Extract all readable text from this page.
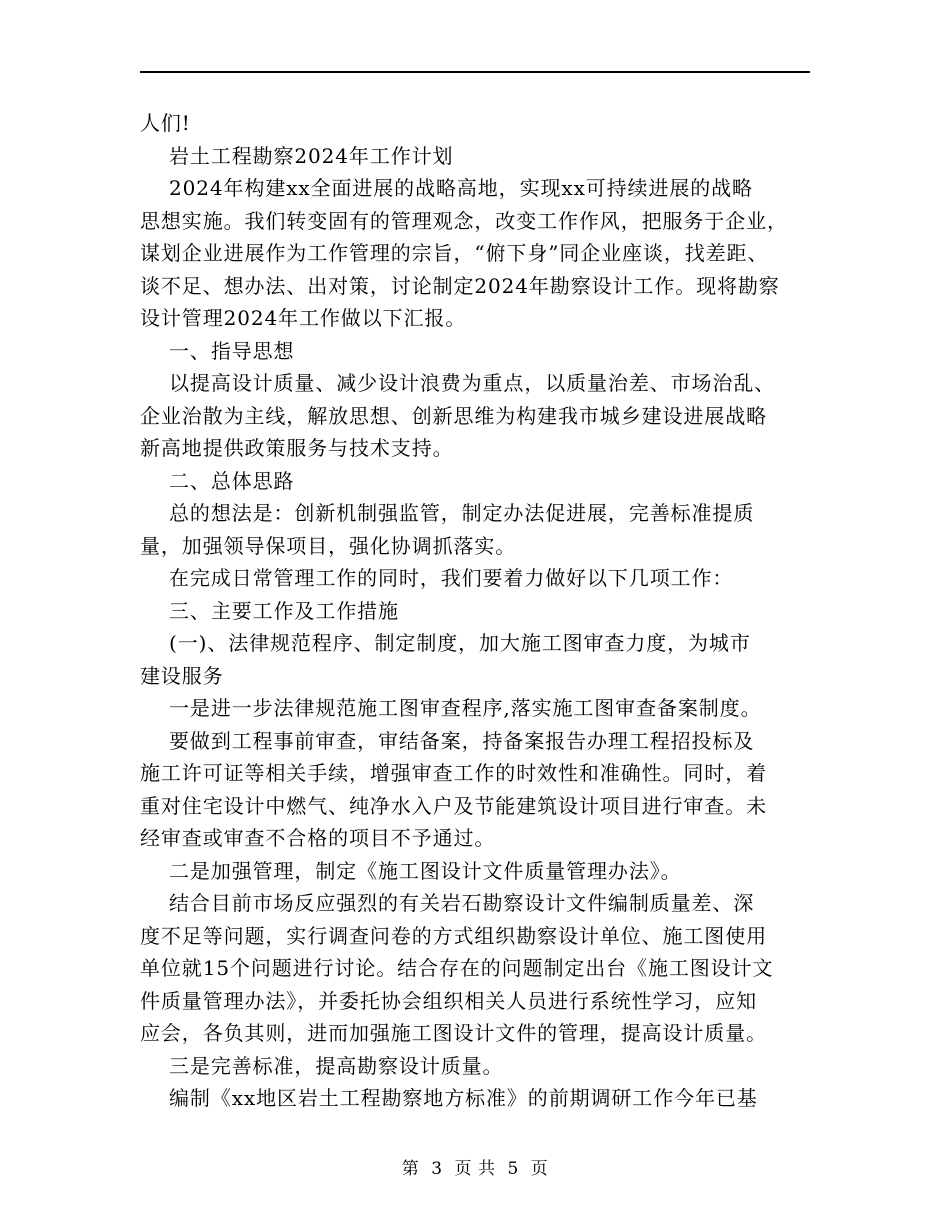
人们!

岩土工程勘察2024年工作计划

2024年构建xx全面进展的战略高地，实现xx可持续进展的战略

思想实施。我们转变固有的管理观念，改变工作作风，把服务于企业，

谋划企业进展作为工作管理的宗旨，“俯下身”同企业座谈，找差距、

谈不足、想办法、出对策，讨论制定2024年勘察设计工作。现将勘察

设计管理2024年工作做以下汇报。

一、指导思想

以提高设计质量、减少设计浪费为重点，以质量治差、市场治乱、

企业治散为主线，解放思想、创新思维为构建我市城乡建设进展战略

新高地提供政策服务与技术支持。

二、总体思路

总的想法是：创新机制强监管，制定办法促进展，完善标准提质

量，加强领导保项目，强化协调抓落实。

在完成日常管理工作的同时，我们要着力做好以下几项工作：

三、主要工作及工作措施

(一)、法律规范程序、制定制度，加大施工图审查力度，为城市

建设服务

一是进一步法律规范施工图审查程序,落实施工图审查备案制度。

要做到工程事前审查，审结备案，持备案报告办理工程招投标及

施工许可证等相关手续，增强审查工作的时效性和准确性。同时，着

重对住宅设计中燃气、纯净水入户及节能建筑设计项目进行审查。未

经审查或审查不合格的项目不予通过。

二是加强管理，制定《施工图设计文件质量管理办法》。

结合目前市场反应强烈的有关岩石勘察设计文件编制质量差、深

度不足等问题，实行调查问卷的方式组织勘察设计单位、施工图使用

单位就15个问题进行讨论。结合存在的问题制定出台《施工图设计文

件质量管理办法》，并委托协会组织相关人员进行系统性学习，应知

应会，各负其则，进而加强施工图设计文件的管理，提高设计质量。

三是完善标准，提高勘察设计质量。

编制《xx地区岩土工程勘察地方标准》的前期调研工作今年已基

第 3 页 共 5 页
